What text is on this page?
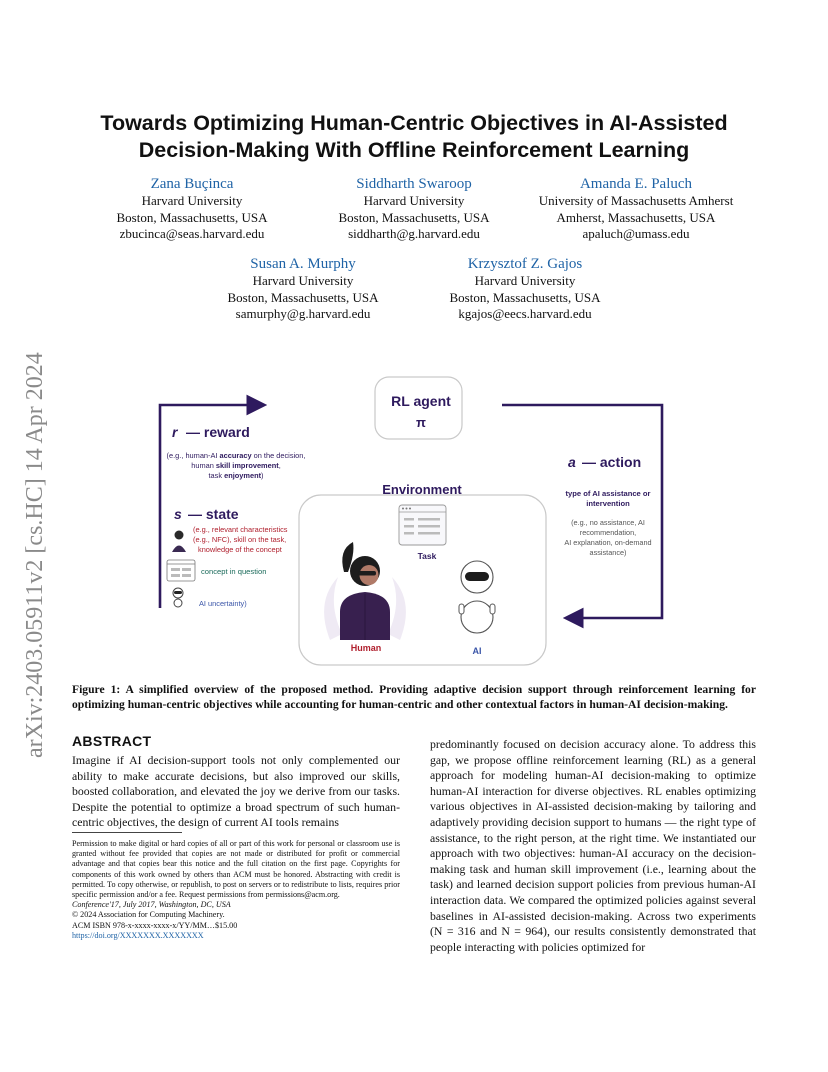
arXiv:2403.05911v2 [cs.HC] 14 Apr 2024
Towards Optimizing Human-Centric Objectives in AI-Assisted
Decision-Making With Offline Reinforcement Learning
Zana Buçinca
Harvard University
Boston, Massachusetts, USA
zbucinca@seas.harvard.edu
Siddharth Swaroop
Harvard University
Boston, Massachusetts, USA
siddharth@g.harvard.edu
Amanda E. Paluch
University of Massachusetts Amherst
Amherst, Massachusetts, USA
apaluch@umass.edu
Susan A. Murphy
Harvard University
Boston, Massachusetts, USA
samurphy@g.harvard.edu
Krzysztof Z. Gajos
Harvard University
Boston, Massachusetts, USA
kgajos@eecs.harvard.edu
RL agent
π
r — reward
(e.g., human-AI accuracy on the decision,
human skill improvement,
task enjoyment)
a — action
type of AI assistance or
intervention
(e.g., no assistance, AI
recommendation,
AI explanation, on-demand
assistance)
s — state
(e.g., relevant characteristics
(e.g., NFC), skill on the task,
knowledge of the concept
concept in question
AI uncertainty)
Environment
Task
Human	AI
Figure 1: A simplified overview of the proposed method. Providing adaptive decision support through reinforcement learning for optimizing human-centric objectives while accounting for human-centric and other contextual factors in human-AI decision-making.
ABSTRACT
Imagine if AI decision-support tools not only complemented our ability to make accurate decisions, but also improved our skills, boosted collaboration, and elevated the joy we derive from our tasks. Despite the potential to optimize a broad spectrum of such human-centric objectives, the design of current AI tools remains
predominantly focused on decision accuracy alone. To address this gap, we propose offline reinforcement learning (RL) as a general approach for modeling human-AI decision-making to optimize human-AI interaction for diverse objectives. RL enables optimizing various objectives in AI-assisted decision-making by tailoring and adaptively providing decision support to humans — the right type of assistance, to the right person, at the right time. We instantiated our approach with two objectives: human-AI accuracy on the decision-making task and human skill improvement (i.e., learning about the task) and learned decision support policies from previous human-AI interaction data. We compared the optimized policies against several baselines in AI-assisted decision-making. Across two experiments (N = 316 and N = 964), our results consistently demonstrated that people interacting with policies optimized for
Permission to make digital or hard copies of all or part of this work for personal or classroom use is granted without fee provided that copies are not made or distributed for profit or commercial advantage and that copies bear this notice and the full citation on the first page. Copyrights for components of this work owned by others than ACM must be honored. Abstracting with credit is permitted. To copy otherwise, or republish, to post on servers or to redistribute to lists, requires prior specific permission and/or a fee. Request permissions from permissions@acm.org.
Conference'17, July 2017, Washington, DC, USA
© 2024 Association for Computing Machinery.
ACM ISBN 978-x-xxxx-xxxx-x/YY/MM…$15.00
https://doi.org/XXXXXXX.XXXXXXX
